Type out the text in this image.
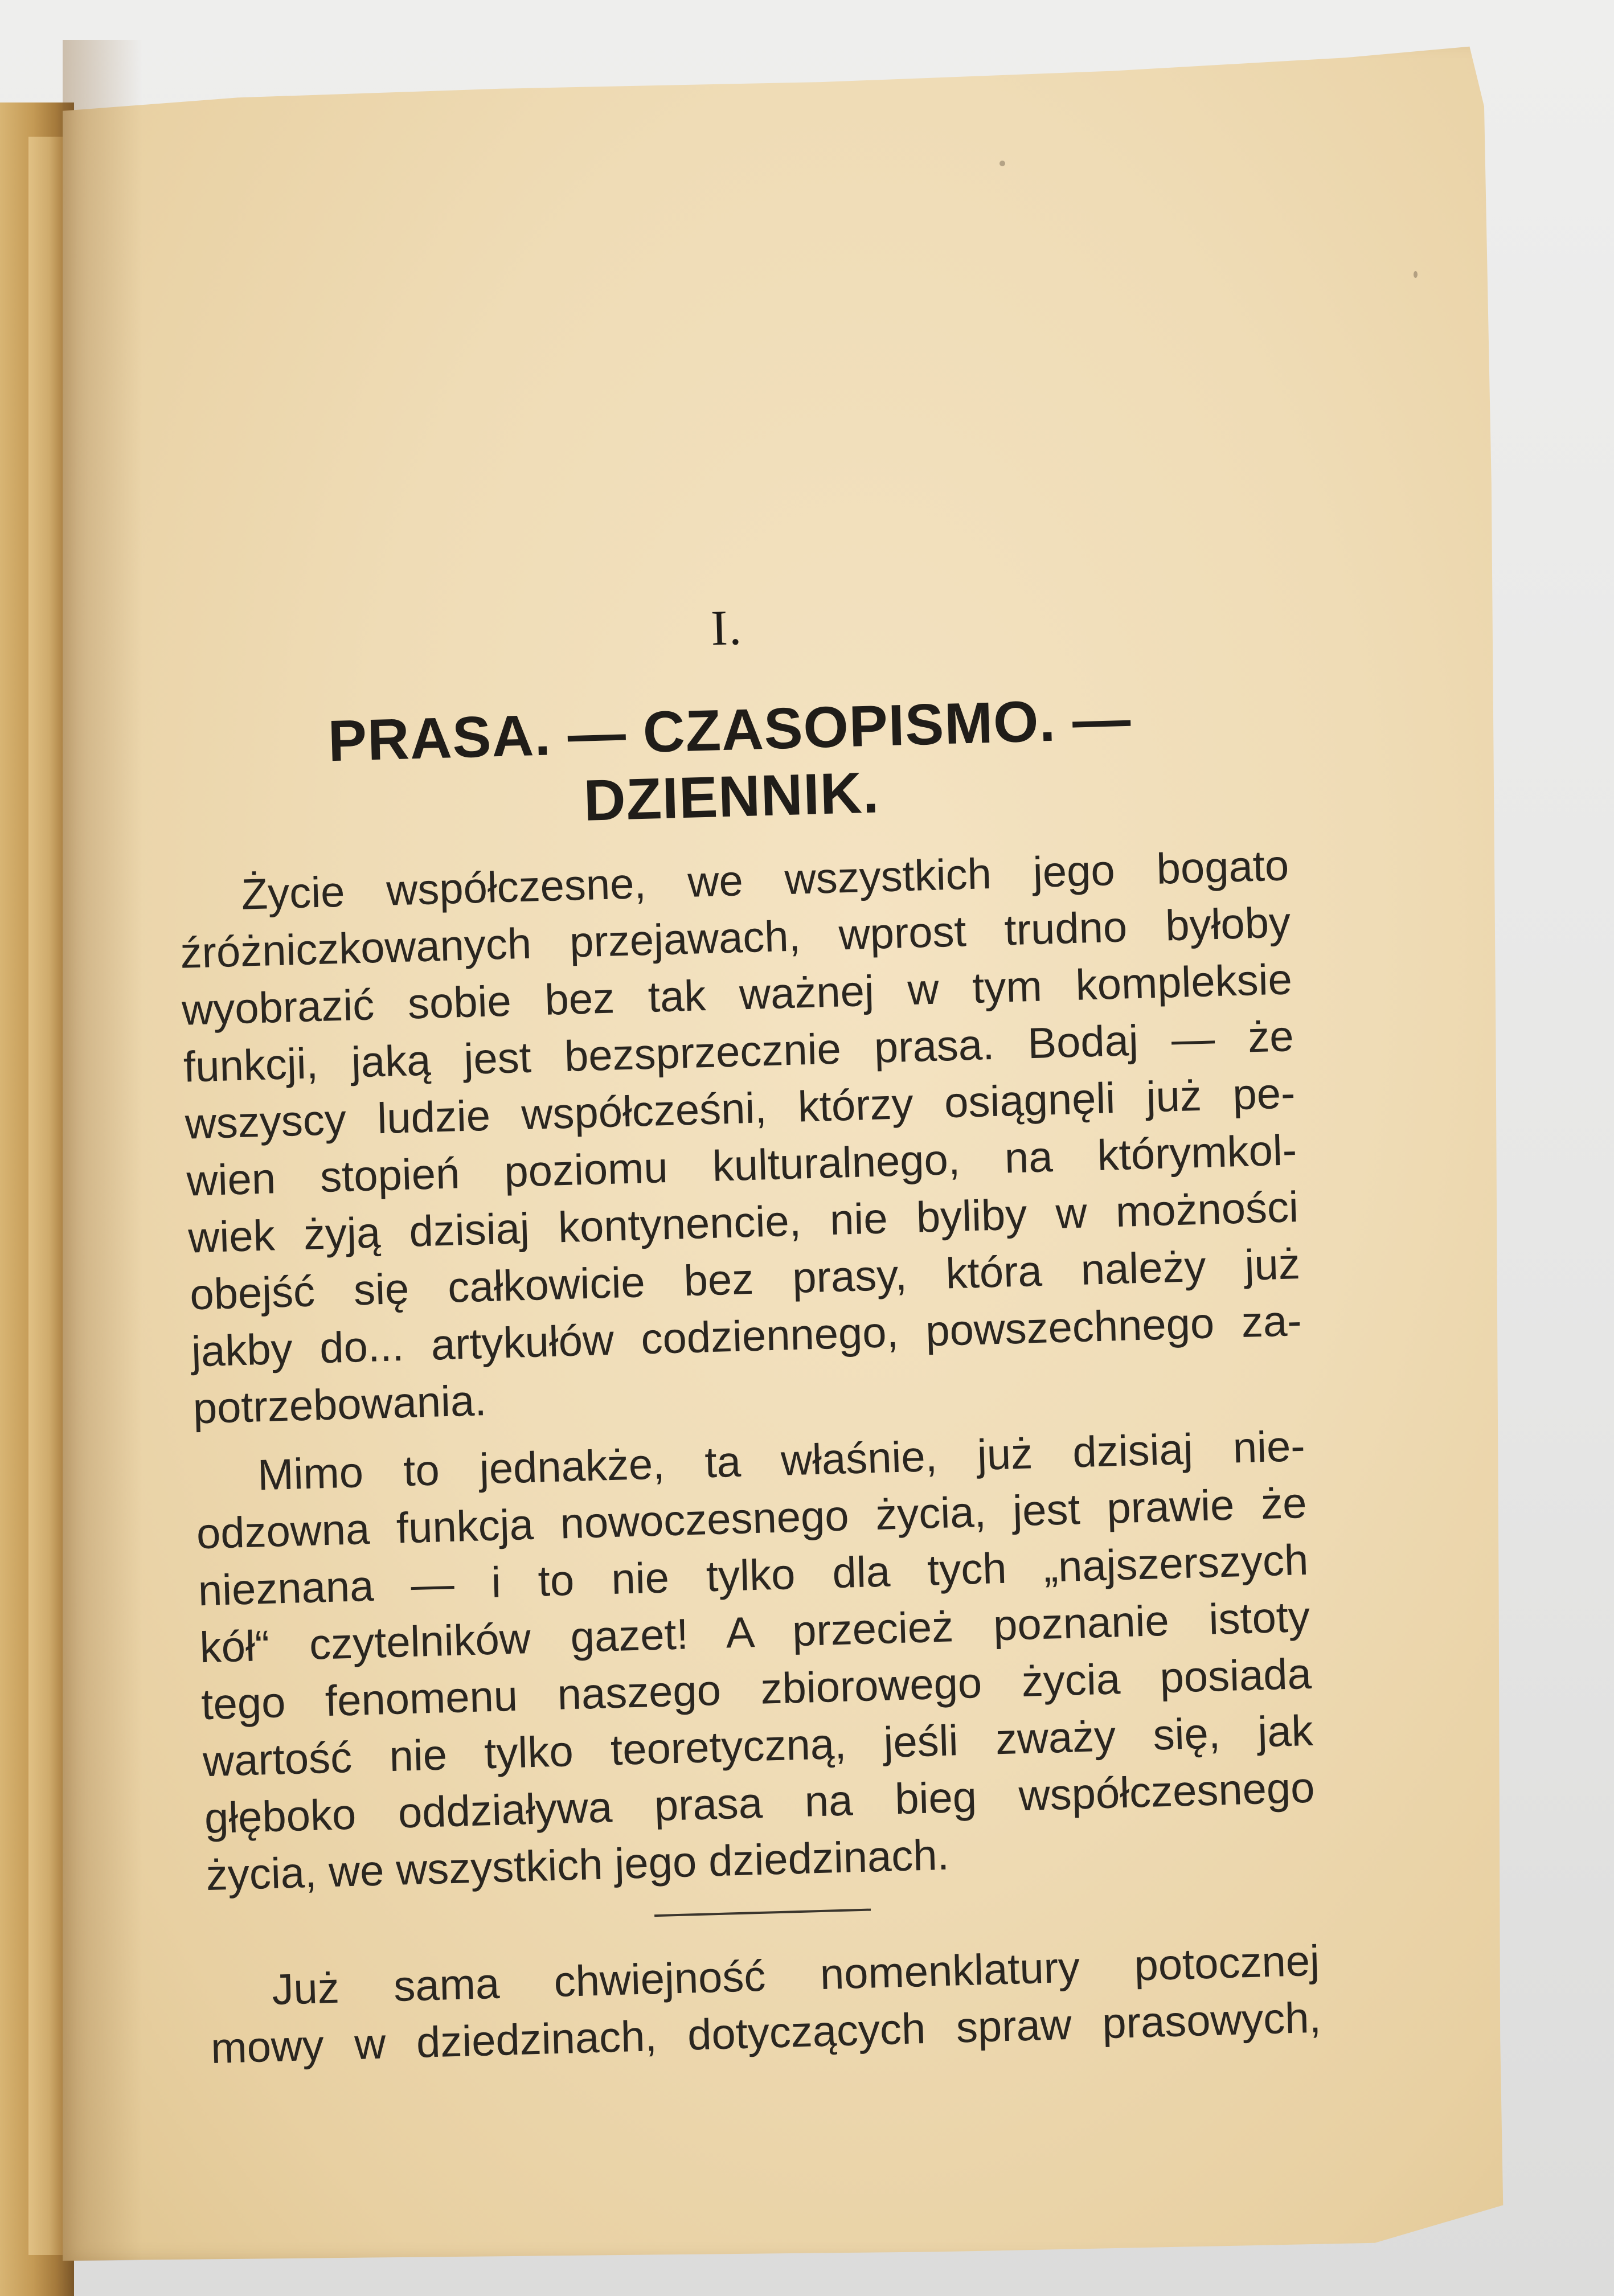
I.
PRASA. — CZASOPISMO. — DZIENNIK.

Życie współczesne, we wszystkich jego bogato
źróżniczkowanych przejawach, wprost trudno byłoby
wyobrazić sobie bez tak ważnej w tym kompleksie
funkcji, jaką jest bezsprzecznie prasa. Bodaj — że
wszyscy ludzie współcześni, którzy osiągnęli już pe-
wien stopień poziomu kulturalnego, na którymkol-
wiek żyją dzisiaj kontynencie, nie byliby w możności
obejść się całkowicie bez prasy, która należy już
jakby do... artykułów codziennego, powszechnego za-
potrzebowania.

Mimo to jednakże, ta właśnie, już dzisiaj nie-
odzowna funkcja nowoczesnego życia, jest prawie że
nieznana — i to nie tylko dla tych „najszerszych
kół“ czytelników gazet! A przecież poznanie istoty
tego fenomenu naszego zbiorowego życia posiada
wartość nie tylko teoretyczną, jeśli zważy się, jak
głęboko oddziaływa prasa na bieg współczesnego
życia, we wszystkich jego dziedzinach.

Już sama chwiejność nomenklatury potocznej
mowy w dziedzinach, dotyczących spraw prasowych,
